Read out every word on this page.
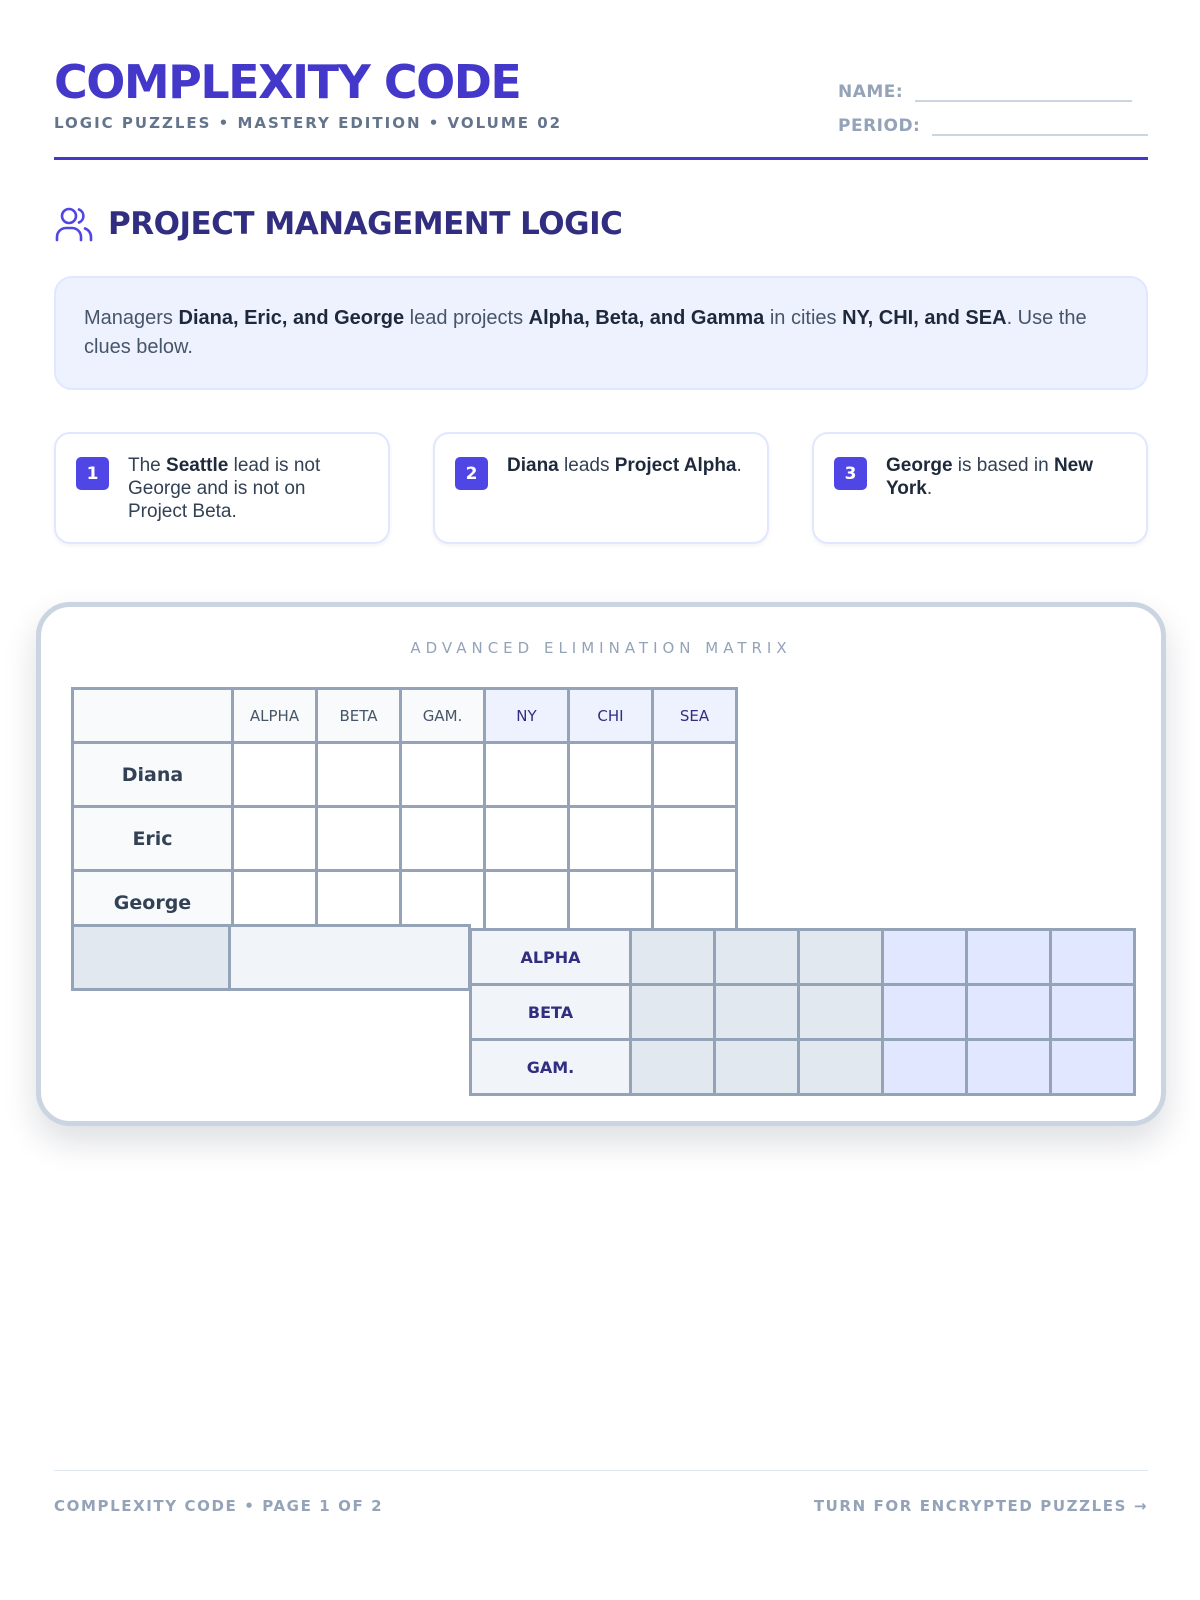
COMPLEXITY CODE
LOGIC PUZZLES • MASTERY EDITION • VOLUME 02
NAME:
PERIOD:
PROJECT MANAGEMENT LOGIC
Managers Diana, Eric, and George lead projects Alpha, Beta, and Gamma in cities NY, CHI, and SEA. Use the clues below.
1	The Seattle lead is not George and is not on Project Beta.
2	Diana leads Project Alpha.	3	George is based in New York.
ADVANCED ELIMINATION MATRIX
	ALPHA	BETA	GAM.	NY	CHI	SEA
Diana						
Eric						
George						
ALPHA						
BETA						
GAM.						
COMPLEXITY CODE • PAGE 1 OF 2	TURN FOR ENCRYPTED PUZZLES →
